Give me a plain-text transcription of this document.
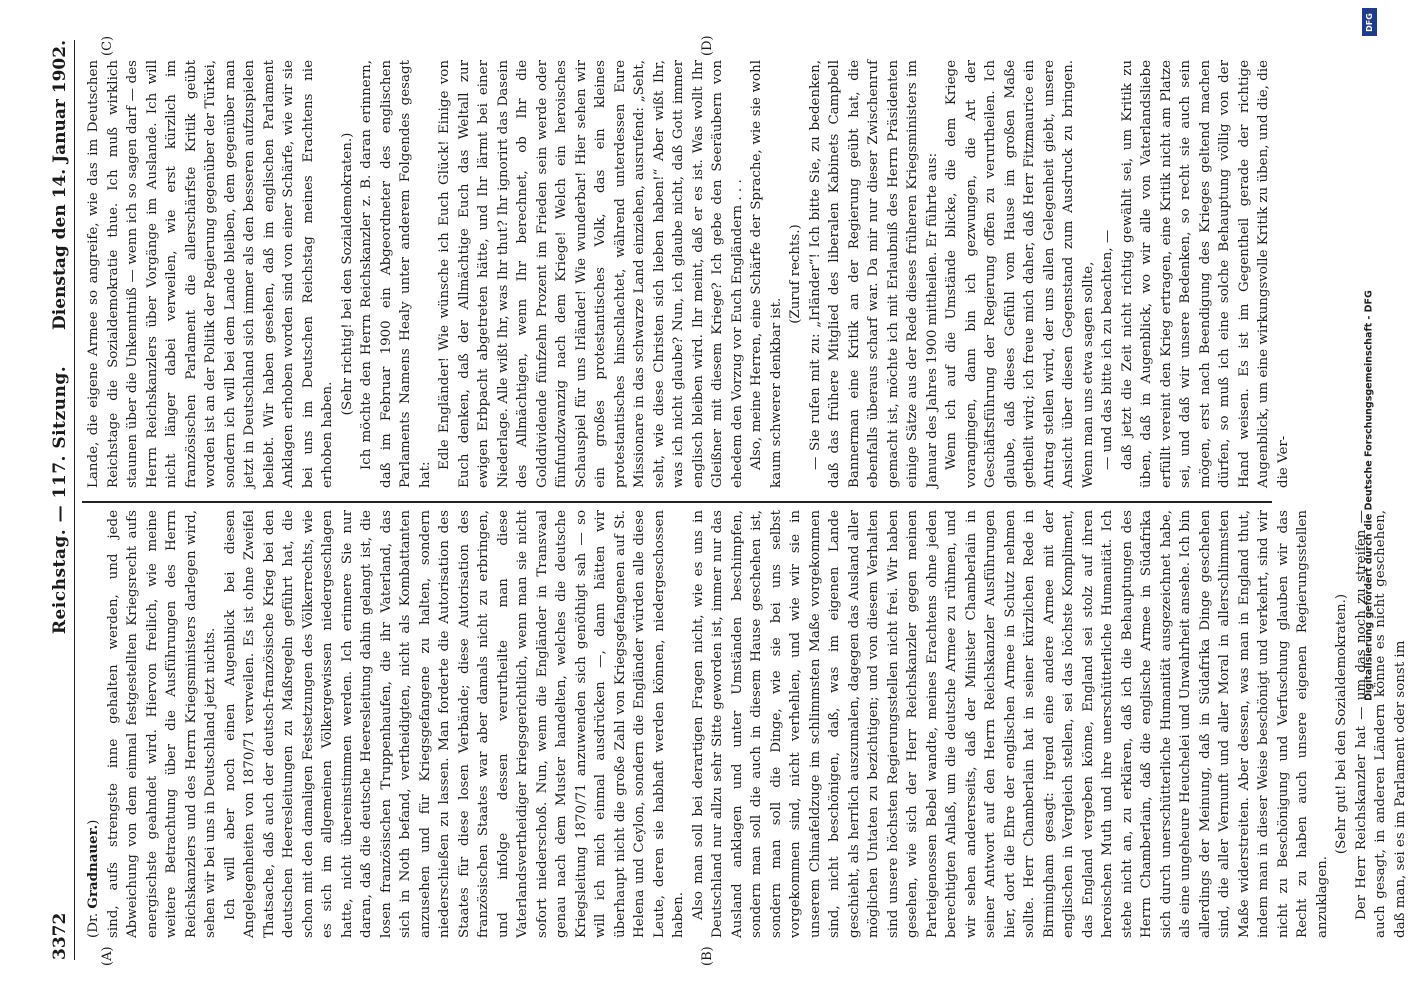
3372
Reichstag. — 117. Sitzung.
Dienstag den 14. Januar 1902.
(A)	(B)
(C)	(D)

(Dr. Gradnauer.) sind, aufs strengste inne gehalten werden, und jede Abweichung von dem einmal festgestellten Kriegsrecht aufs energischste geahndet wird. Hiervon freilich, wie meine weitere Betrachtung über die Ausführungen des Herrn Reichskanzlers und des Herrn Kriegsministers darlegen wird, sehen wir bei uns in Deutschland jetzt nichts. Ich will aber noch einen Augenblick bei diesen Angelegenheiten von 1870/71 verweilen. Es ist ohne Zweifel Thatsache, daß auch der deutsch-französische Krieg bei den deutschen Heeresleitungen zu Maßregeln geführt hat, die schon mit den damaligen Festsetzungen des Völkerrechts, wie es sich im allgemeinen Völkergewissen niedergeschlagen hatte, nicht übereinstimmen werden. Ich erinnere Sie nur daran, daß die deutsche Heeresleitung dahin gelangt ist, die losen französischen Truppenhaufen, die ihr Vaterland, das sich in Noth befand, vertheidigten, nicht als Kombattanten anzusehen und für Kriegsgefangene zu halten, sondern niederschießen zu lassen. Man forderte die Autorisation des Staates für diese losen Verbände; diese Autorisation des französischen Staates war aber damals nicht zu erbringen, und infolge dessen verurtheilte man diese Vaterlandsvertheidiger kriegsgerichtlich, wenn man sie nicht sofort niederschoß. Nun, wenn die Engländer in Transvaal genau nach dem Muster handelten, welches die deutsche Kriegsleitung 1870/71 anzuwenden sich genöthigt sah — so will ich mich einmal ausdrücken —, dann hätten wir überhaupt nicht die große Zahl von Kriegsgefangenen auf St. Helena und Ceylon, sondern die Engländer würden alle diese Leute, deren sie habhaft werden können, niedergeschossen haben. Also man soll bei derartigen Fragen nicht, wie es uns in Deutschland nur allzu sehr Sitte geworden ist, immer nur das Ausland anklagen und unter Umständen beschimpfen, sondern man soll die auch in diesem Hause geschehen ist, sondern man soll die Dinge, wie sie bei uns selbst vorgekommen sind, nicht verhehlen, und wie wir sie in unserem Chinafeldzuge im schlimmsten Maße vorgekommen sind, nicht beschönigen, daß, was im eigenen Lande geschieht, als herrlich auszumalen, dagegen das Ausland aller möglichen Untaten zu bezichtigen; und von diesem Verhalten sind unsere höchsten Regierungsstellen nicht frei. Wir haben gesehen, wie sich der Herr Reichskanzler gegen meinen Parteigenossen Bebel wandte, meines Erachtens ohne jeden berechtigten Anlaß, um die deutsche Armee zu rühmen, und wir sehen andererseits, daß der Minister Chamberlain in seiner Antwort auf den Herrn Reichskanzler Ausführungen hier, dort die Ehre der englischen Armee in Schutz nehmen sollte. Herr Chamberlain hat in seiner kürzlichen Rede in Birmingham gesagt: irgend eine andere Armee mit der englischen in Vergleich stellen, sei das höchste Kompliment, das England vergeben könne, England sei stolz auf ihren heroischen Muth und ihre unerschütterliche Humanität. Ich stehe nicht an, zu erklären, daß ich die Behauptungen des Herrn Chamberlain, daß die englische Armee in Südafrika sich durch unerschütterliche Humanität ausgezeichnet habe, als eine ungeheure Heuchelei und Unwahrheit ansehe. Ich bin allerdings der Meinung, daß in Südafrika Dinge geschehen sind, die aller Vernunft und aller Moral in allerschlimmsten Maße widerstreiten. Aber dessen, was man in England thut, indem man in dieser Weise beschönigt und verkehrt, sind wir nicht zu Beschönigung und Verfuschung glauben wir das Recht zu haben auch unsere eigenen Regierungsstellen anzuklagen.

(Sehr gut! bei den Sozialdemokraten.) Der Herr Reichskanzler hat — um das noch zu streifen — auch gesagt, in anderen Ländern könne es nicht geschehen, daß man, sei es im Parlament oder sonst im

Lande, die eigene Armee so angreife, wie das im Deutschen Reichstage die Sozialdemokratie thue. Ich muß wirklich staunen über die Unkenntniß — wenn ich so sagen darf — des Herrn Reichskanzlers über Vorgänge im Auslande. Ich will nicht länger dabei verweilen, wie erst kürzlich im französischen Parlament die allerschärfste Kritik geübt worden ist an der Politik der Regierung gegenüber der Türkei, sondern ich will bei dem Lande bleiben, dem gegenüber man jetzt in Deutschland sich immer als den besseren aufzuspielen beliebt. Wir haben gesehen, daß im englischen Parlament Anklagen erhoben worden sind von einer Schärfe, wie wir sie bei uns im Deutschen Reichstag meines Erachtens nie erhoben haben.

(Sehr richtig! bei den Sozialdemokraten.) Ich möchte den Herrn Reichskanzler z. B. daran erinnern, daß im Februar 1900 ein Abgeordneter des englischen Parlaments Namens Healy unter anderem Folgendes gesagt hat:

Edle Engländer! Wie wünsche ich Euch Glück! Einige von Euch denken, daß der Allmächtige Euch das Weltall zur ewigen Erbpacht abgetreten hätte, und Ihr lärmt bei einer Niederlage. Alle wißt Ihr, was Ihr thut? Ihr ignorirt das Dasein des Allmächtigen, wenn Ihr berechnet, ob Ihr die Golddividende fünfzehn Prozent im Frieden sein werde oder fünfundzwanzig nach dem Kriege! Welch ein heroisches Schauspiel für uns Irländer! Wie wunderbar! Hier sehen wir ein großes protestantisches Volk, das ein kleines protestantisches hinschlachtet, während unterdessen Eure Missionare in das schwarze Land einziehen, ausrufend: „Seht, seht, wie diese Christen sich lieben haben!“ Aber wißt Ihr, was ich nicht glaube? Nun, ich glaube nicht, daß Gott immer englisch bleiben wird. Ihr meint, daß er es ist. Was wollt Ihr Gleißner mit diesem Kriege? Ich gebe den Seeräubern von ehedem den Vorzug vor Euch Engländern . . . Also, meine Herren, eine Schärfe der Sprache, wie sie wohl kaum schwerer denkbar ist.

(Zuruf rechts.) — Sie rufen mit zu: „Irländer“! Ich bitte Sie, zu bedenken, daß das frühere Mitglied des liberalen Kabinets Campbell Bannerman eine Kritik an der Regierung geübt hat, die ebenfalls überaus scharf war. Da mir nur dieser Zwischenruf gemacht ist, möchte ich mit Erlaubniß des Herrn Präsidenten einige Sätze aus der Rede dieses früheren Kriegsministers im Januar des Jahres 1900 mittheilen. Er führte aus: Wenn ich auf die Umstände blicke, die dem Kriege vorangingen, dann bin ich gezwungen, die Art der Geschäftsführung der Regierung offen zu verurtheilen. Ich glaube, daß dieses Gefühl vom Hause im großen Maße getheilt wird; ich freue mich daher, daß Herr Fitzmaurice ein Antrag stellen wird, der uns allen Gelegenheit giebt, unsere Ansicht über diesen Gegenstand zum Ausdruck zu bringen. Wenn man uns etwa sagen sollte, — und das bitte ich zu beachten, — daß jetzt die Zeit nicht richtig gewählt sei, um Kritik zu üben, daß in Augenblick, wo wir alle von Vaterlandsliebe erfüllt vereint den Krieg ertragen, eine Kritik nicht am Platze sei, und daß wir unsere Bedenken, so recht sie auch sein mögen, erst nach Beendigung des Krieges geltend machen dürfen, so muß ich eine solche Behauptung völlig von der Hand weisen. Es ist im Gegentheil gerade der richtige Augenblick, um eine wirkungsvolle Kritik zu üben, und die, die die Ver-

DFG
Digitalisierung gefördert durch die Deutsche Forschungsgemeinschaft - DFG
